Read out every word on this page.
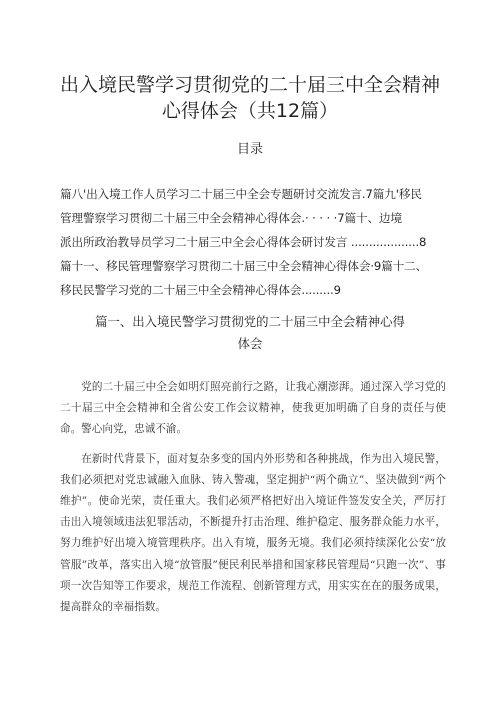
出入境民警学习贯彻党的二十届三中全会精神
心得体会（共12篇）
目录
篇八'出入境工作人员学习二十届三中全会专题研讨交流发言.7篇九'移民
管理警察学习贯彻二十届三中全会精神心得体会.· · · · ·7篇十、边境
派出所政治教导员学习二十届三中全会心得体会研讨发言 ...................8
篇十一、移民管理警察学习贯彻二十届三中全会精神心得体会·9篇十二、
移民民警学习党的二十届三中全会精神心得体会.........9
篇一、出入境民警学习贯彻党的二十届三中全会精神心得
体会

党的二十届三中全会如明灯照亮前行之路，让我心潮澎湃。通过深入学习党的二十届三中全会精神和全省公安工作会议精神，使我更加明确了自身的责任与使命。警心向党，忠诚不渝。

在新时代背景下，面对复杂多变的国内外形势和各种挑战，作为出入境民警，我们必须把对党忠诚融入血脉、铸入警魂，坚定拥护“两个确立”、坚决做到“两个维护”。使命光荣，责任重大。我们必须严格把好出入境证件签发安全关，严厉打击出入境领域违法犯罪活动，不断提升打击治理、维护稳定、服务群众能力水平，努力维护好出境入境管理秩序。出入有境，服务无境。我们必须持续深化公安“放管服”改革，落实出入境“放管服”便民利民举措和国家移民管理局“只跑一次”、事项一次告知等工作要求，规范工作流程、创新管理方式，用实实在在的服务成果，提高群众的幸福指数。
